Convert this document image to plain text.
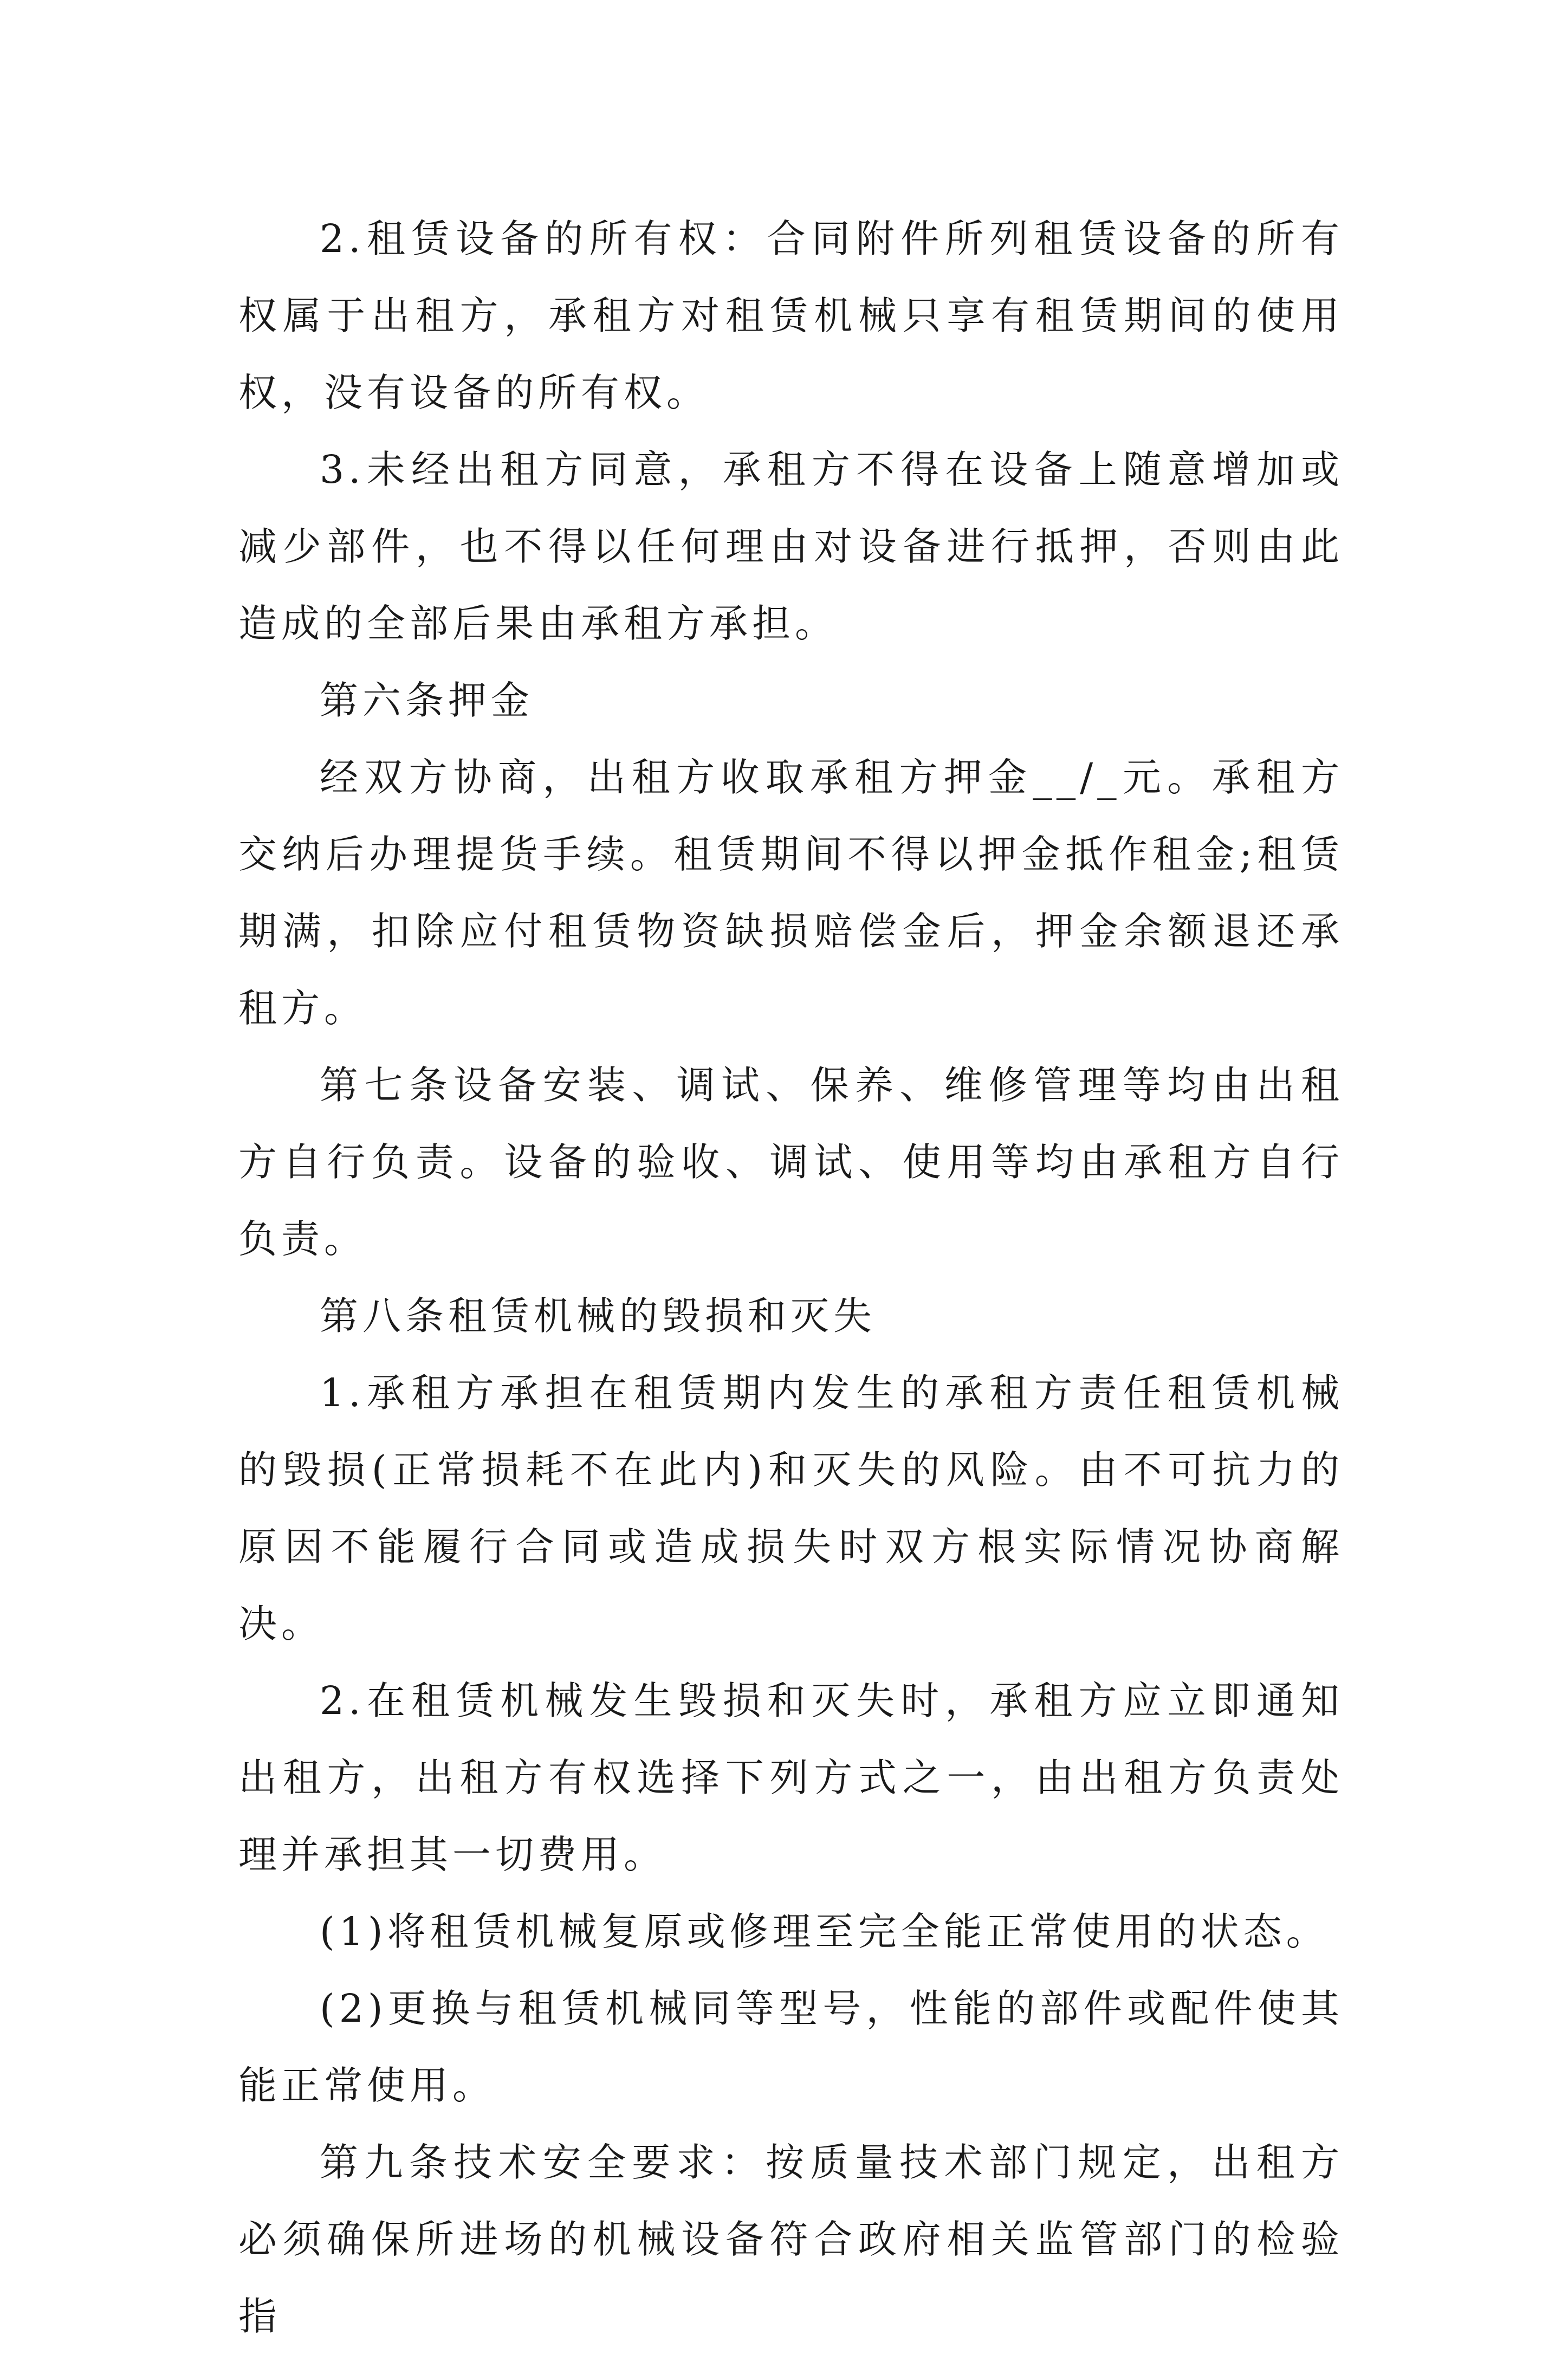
2.租赁设备的所有权：合同附件所列租赁设备的所有权属于出租方，承租方对租赁机械只享有租赁期间的使用权，没有设备的所有权。

3.未经出租方同意，承租方不得在设备上随意增加或减少部件，也不得以任何理由对设备进行抵押，否则由此造成的全部后果由承租方承担。

第六条押金

经双方协商，出租方收取承租方押金__/_元。承租方交纳后办理提货手续。租赁期间不得以押金抵作租金;租赁期满，扣除应付租赁物资缺损赔偿金后，押金余额退还承租方。

第七条设备安装、调试、保养、维修管理等均由出租方自行负责。设备的验收、调试、使用等均由承租方自行负责。

第八条租赁机械的毁损和灭失

1.承租方承担在租赁期内发生的承租方责任租赁机械的毁损(正常损耗不在此内)和灭失的风险。由不可抗力的原因不能履行合同或造成损失时双方根实际情况协商解决。

2.在租赁机械发生毁损和灭失时，承租方应立即通知出租方，出租方有权选择下列方式之一，由出租方负责处理并承担其一切费用。

(1)将租赁机械复原或修理至完全能正常使用的状态。

(2)更换与租赁机械同等型号，性能的部件或配件使其能正常使用。

第九条技术安全要求：按质量技术部门规定，出租方必须确保所进场的机械设备符合政府相关监管部门的检验指
